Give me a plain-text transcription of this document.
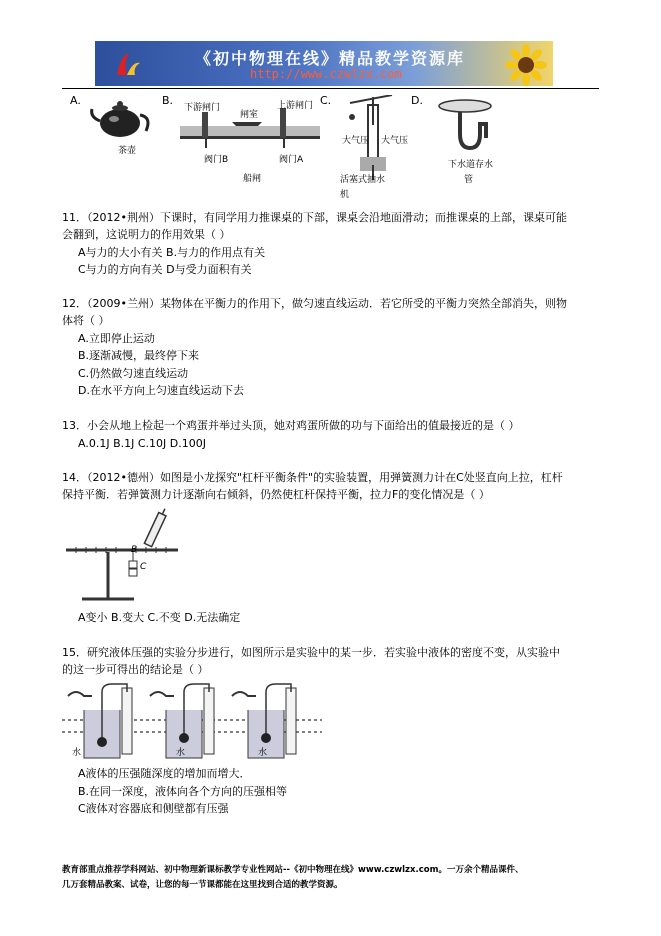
《初中物理在线》精品教学资源库
http://www.czwlzx.com
A.
茶壶
B.
下游闸门
闸室
上游闸门
阀门B	阀门A
船闸
C.
大气压 大气压
活塞式抽水
机
D.
下水道存水
管
11．（2012•荆州）下课时，有同学用力推课桌的下部，课桌会沿地面滑动；而推课桌的上部，课桌可能
会翻到，这说明力的作用效果（ ）
A与力的大小有关 B.与力的作用点有关
C与力的方向有关 D与受力面积有关
12．（2009•兰州）某物体在平衡力的作用下，做匀速直线运动．若它所受的平衡力突然全部消失，则物
体将（ ）
A.立即停止运动
B.逐渐减慢，最终停下来
C.仍然做匀速直线运动
D.在水平方向上匀速直线运动下去
13．小会从地上检起一个鸡蛋并举过头顶，她对鸡蛋所做的功与下面给出的值最接近的是（ ）
A.0.1J B.1J C.10J D.100J
14．（2012•德州）如图是小龙探究"杠杆平衡条件"的实验装置，用弹簧测力计在C处竖直向上拉，杠杆
保持平衡．若弹簧测力计逐渐向右倾斜，仍然使杠杆保持平衡，拉力F的变化情况是（ ）
B
C
A变小 B.变大 C.不变 D.无法确定
15．研究液体压强的实验分步进行，如图所示是实验中的某一步．若实验中液体的密度不变，从实验中
的这一步可得出的结论是（ ）
水	水	水
A液体的压强随深度的增加而增大．
B.在同一深度，液体向各个方向的压强相等
C液体对容器底和侧壁都有压强
教育部重点推荐学科网站、初中物理新课标教学专业性网站--《初中物理在线》www.czwlzx.com。一万余个精品课件、
几万套精品教案、试卷，让您的每一节课都能在这里找到合适的教学资源。
